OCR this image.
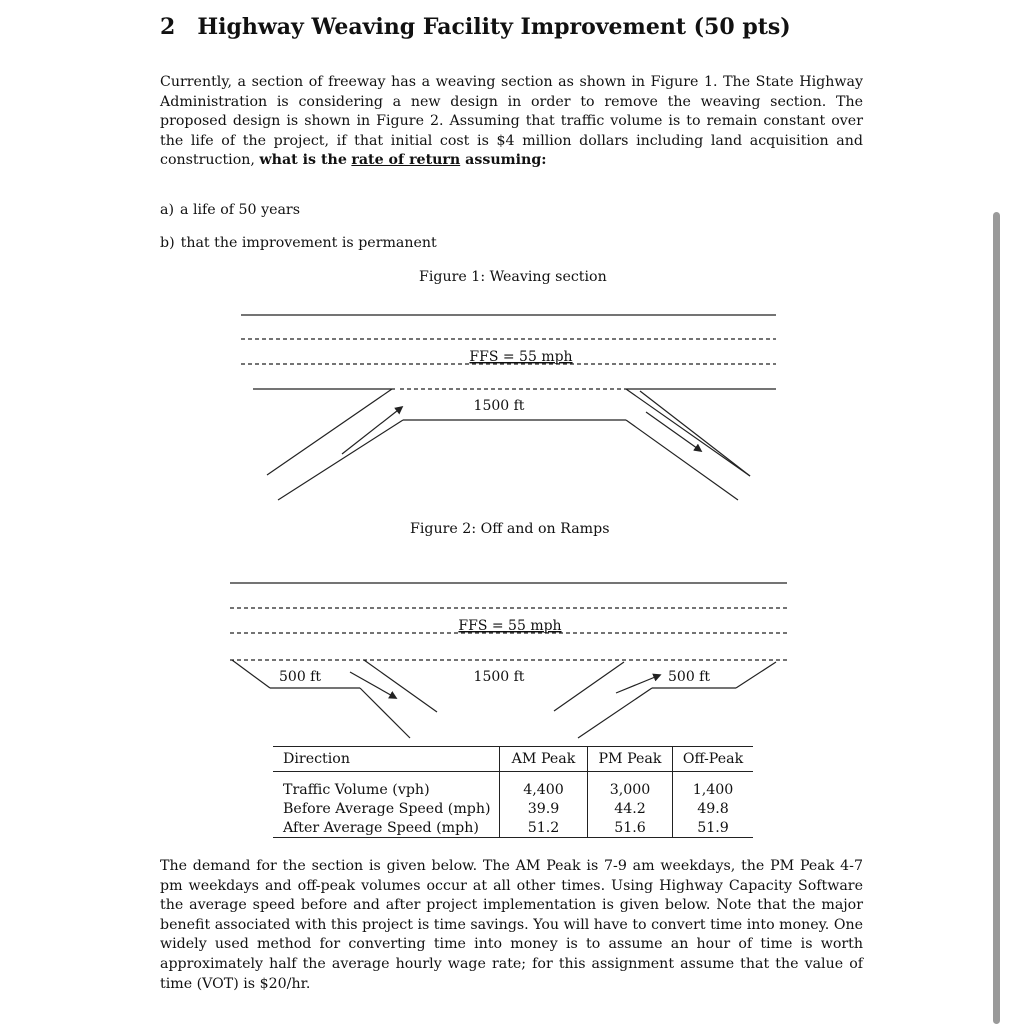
2 Highway Weaving Facility Improvement (50 pts)
Currently, a section of freeway has a weaving section as shown in Figure 1. The State Highway Administration is considering a new design in order to remove the weaving section. The proposed design is shown in Figure 2. Assuming that traffic volume is to remain constant over the life of the project, if that initial cost is $4 million dollars including land acquisition and construction, what is the rate of return assuming:
a) a life of 50 years
b) that the improvement is permanent
Figure 1: Weaving section
Figure 2: Off and on Ramps
FFS = 55 mph
1500 ft
FFS = 55 mph
500 ft	1500 ft	500 ft
Direction	AM Peak	PM Peak	Off-Peak
Traffic Volume (vph)	4,400	3,000	1,400
Before Average Speed (mph)	39.9	44.2	49.8
After Average Speed (mph)	51.2	51.6	51.9
The demand for the section is given below. The AM Peak is 7-9 am weekdays, the PM Peak 4-7 pm weekdays and off-peak volumes occur at all other times. Using Highway Capacity Software the average speed before and after project implementation is given below. Note that the major benefit associated with this project is time savings. You will have to convert time into money. One widely used method for converting time into money is to assume an hour of time is worth approximately half the average hourly wage rate; for this assignment assume that the value of time (VOT) is $20/hr.
